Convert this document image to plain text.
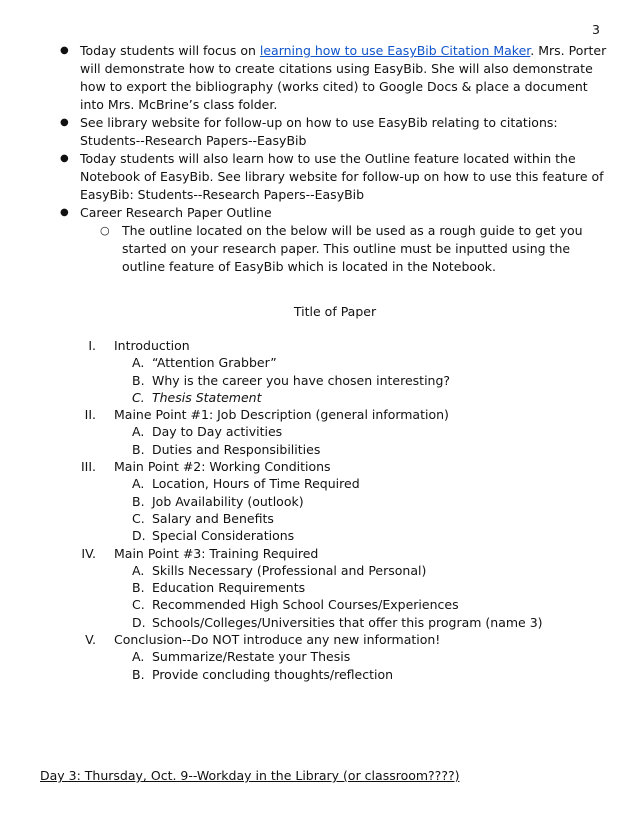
3
● Today students will focus on learning how to use EasyBib Citation Maker. Mrs. Porter will demonstrate how to create citations using EasyBib. She will also demonstrate how to export the bibliography (works cited) to Google Docs & place a document into Mrs. McBrine’s class folder.
● See library website for follow-up on how to use EasyBib relating to citations: Students--Research Papers--EasyBib
● Today students will also learn how to use the Outline feature located within the Notebook of EasyBib. See library website for follow-up on how to use this feature of EasyBib: Students--Research Papers--EasyBib
● Career Research Paper Outline
○ The outline located on the below will be used as a rough guide to get you started on your research paper. This outline must be inputted using the outline feature of EasyBib which is located in the Notebook.
Title of Paper
I. Introduction
A. “Attention Grabber”
B. Why is the career you have chosen interesting?
C. Thesis Statement
II. Maine Point #1: Job Description (general information)
A. Day to Day activities
B. Duties and Responsibilities
III. Main Point #2: Working Conditions
A. Location, Hours of Time Required
B. Job Availability (outlook)
C. Salary and Benefits
D. Special Considerations
IV. Main Point #3: Training Required
A. Skills Necessary (Professional and Personal)
B. Education Requirements
C. Recommended High School Courses/Experiences
D. Schools/Colleges/Universities that offer this program (name 3)
V. Conclusion--Do NOT introduce any new information!
A. Summarize/Restate your Thesis
B. Provide concluding thoughts/reflection
Day 3: Thursday, Oct. 9--Workday in the Library (or classroom????)
